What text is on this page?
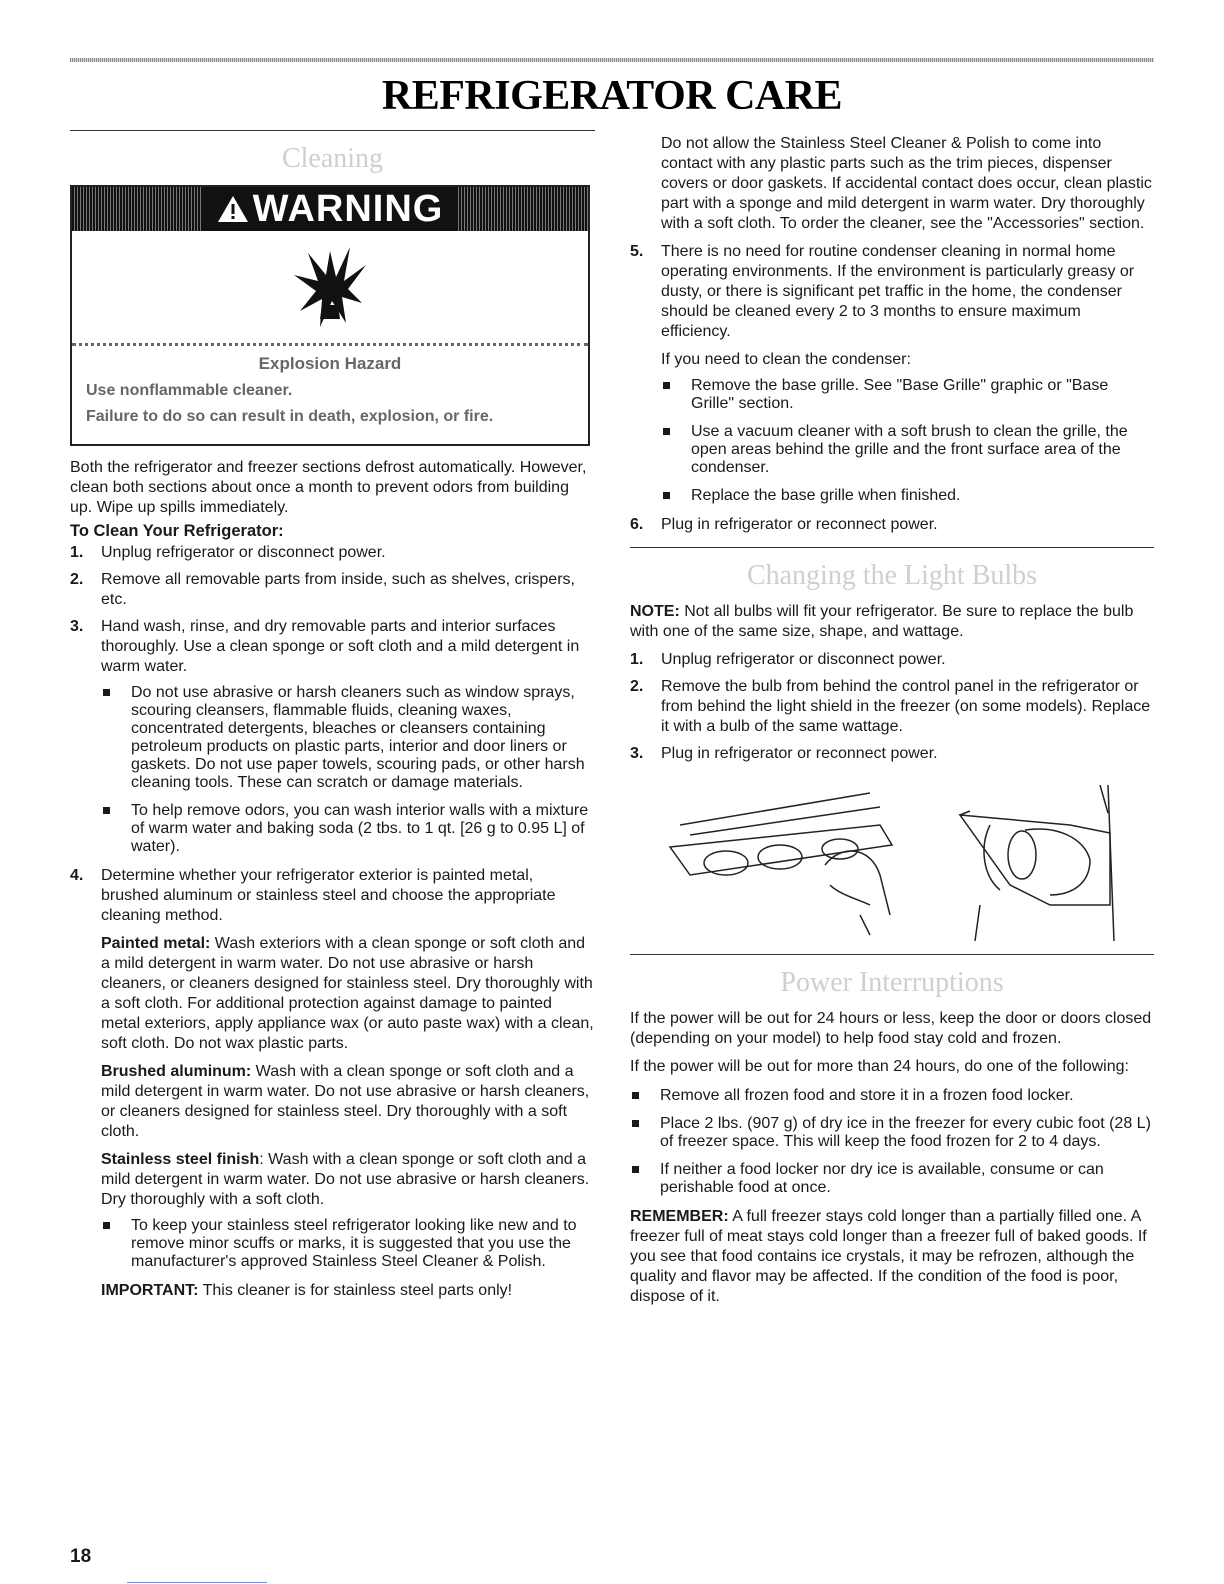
REFRIGERATOR CARE
Cleaning
WARNING

Explosion Hazard

Use nonflammable cleaner.

Failure to do so can result in death, explosion, or fire.

Both the refrigerator and freezer sections defrost automatically. However, clean both sections about once a month to prevent odors from building up. Wipe up spills immediately.

To Clean Your Refrigerator:

1. Unplug refrigerator or disconnect power.
2. Remove all removable parts from inside, such as shelves, crispers, etc.
3. Hand wash, rinse, and dry removable parts and interior surfaces thoroughly. Use a clean sponge or soft cloth and a mild detergent in warm water.
Do not use abrasive or harsh cleaners such as window sprays, scouring cleansers, flammable fluids, cleaning waxes, concentrated detergents, bleaches or cleansers containing petroleum products on plastic parts, interior and door liners or gaskets. Do not use paper towels, scouring pads, or other harsh cleaning tools. These can scratch or damage materials.
To help remove odors, you can wash interior walls with a mixture of warm water and baking soda (2 tbs. to 1 qt. [26 g to 0.95 L] of water).
4. Determine whether your refrigerator exterior is painted metal, brushed aluminum or stainless steel and choose the appropriate cleaning method.

Painted metal: Wash exteriors with a clean sponge or soft cloth and a mild detergent in warm water. Do not use abrasive or harsh cleaners, or cleaners designed for stainless steel. Dry thoroughly with a soft cloth. For additional protection against damage to painted metal exteriors, apply appliance wax (or auto paste wax) with a clean, soft cloth. Do not wax plastic parts.

Brushed aluminum: Wash with a clean sponge or soft cloth and a mild detergent in warm water. Do not use abrasive or harsh cleaners, or cleaners designed for stainless steel. Dry thoroughly with a soft cloth.

Stainless steel finish: Wash with a clean sponge or soft cloth and a mild detergent in warm water. Do not use abrasive or harsh cleaners. Dry thoroughly with a soft cloth.

To keep your stainless steel refrigerator looking like new and to remove minor scuffs or marks, it is suggested that you use the manufacturer's approved Stainless Steel Cleaner & Polish.

IMPORTANT: This cleaner is for stainless steel parts only!

Do not allow the Stainless Steel Cleaner & Polish to come into contact with any plastic parts such as the trim pieces, dispenser covers or door gaskets. If accidental contact does occur, clean plastic part with a sponge and mild detergent in warm water. Dry thoroughly with a soft cloth. To order the cleaner, see the "Accessories" section.

5. There is no need for routine condenser cleaning in normal home operating environments. If the environment is particularly greasy or dusty, or there is significant pet traffic in the home, the condenser should be cleaned every 2 to 3 months to ensure maximum efficiency.

If you need to clean the condenser:

Remove the base grille. See "Base Grille" graphic or "Base Grille" section.
Use a vacuum cleaner with a soft brush to clean the grille, the open areas behind the grille and the front surface area of the condenser.
Replace the base grille when finished.
6. Plug in refrigerator or reconnect power.
Changing the Light Bulbs

NOTE: Not all bulbs will fit your refrigerator. Be sure to replace the bulb with one of the same size, shape, and wattage.

1. Unplug refrigerator or disconnect power.
2. Remove the bulb from behind the control panel in the refrigerator or from behind the light shield in the freezer (on some models). Replace it with a bulb of the same wattage.
3. Plug in refrigerator or reconnect power.
Power Interruptions

If the power will be out for 24 hours or less, keep the door or doors closed (depending on your model) to help food stay cold and frozen.

If the power will be out for more than 24 hours, do one of the following:

Remove all frozen food and store it in a frozen food locker.
Place 2 lbs. (907 g) of dry ice in the freezer for every cubic foot (28 L) of freezer space. This will keep the food frozen for 2 to 4 days.
If neither a food locker nor dry ice is available, consume or can perishable food at once.

REMEMBER: A full freezer stays cold longer than a partially filled one. A freezer full of meat stays cold longer than a freezer full of baked goods. If you see that food contains ice crystals, it may be refrozen, although the quality and flavor may be affected. If the condition of the food is poor, dispose of it.

18
